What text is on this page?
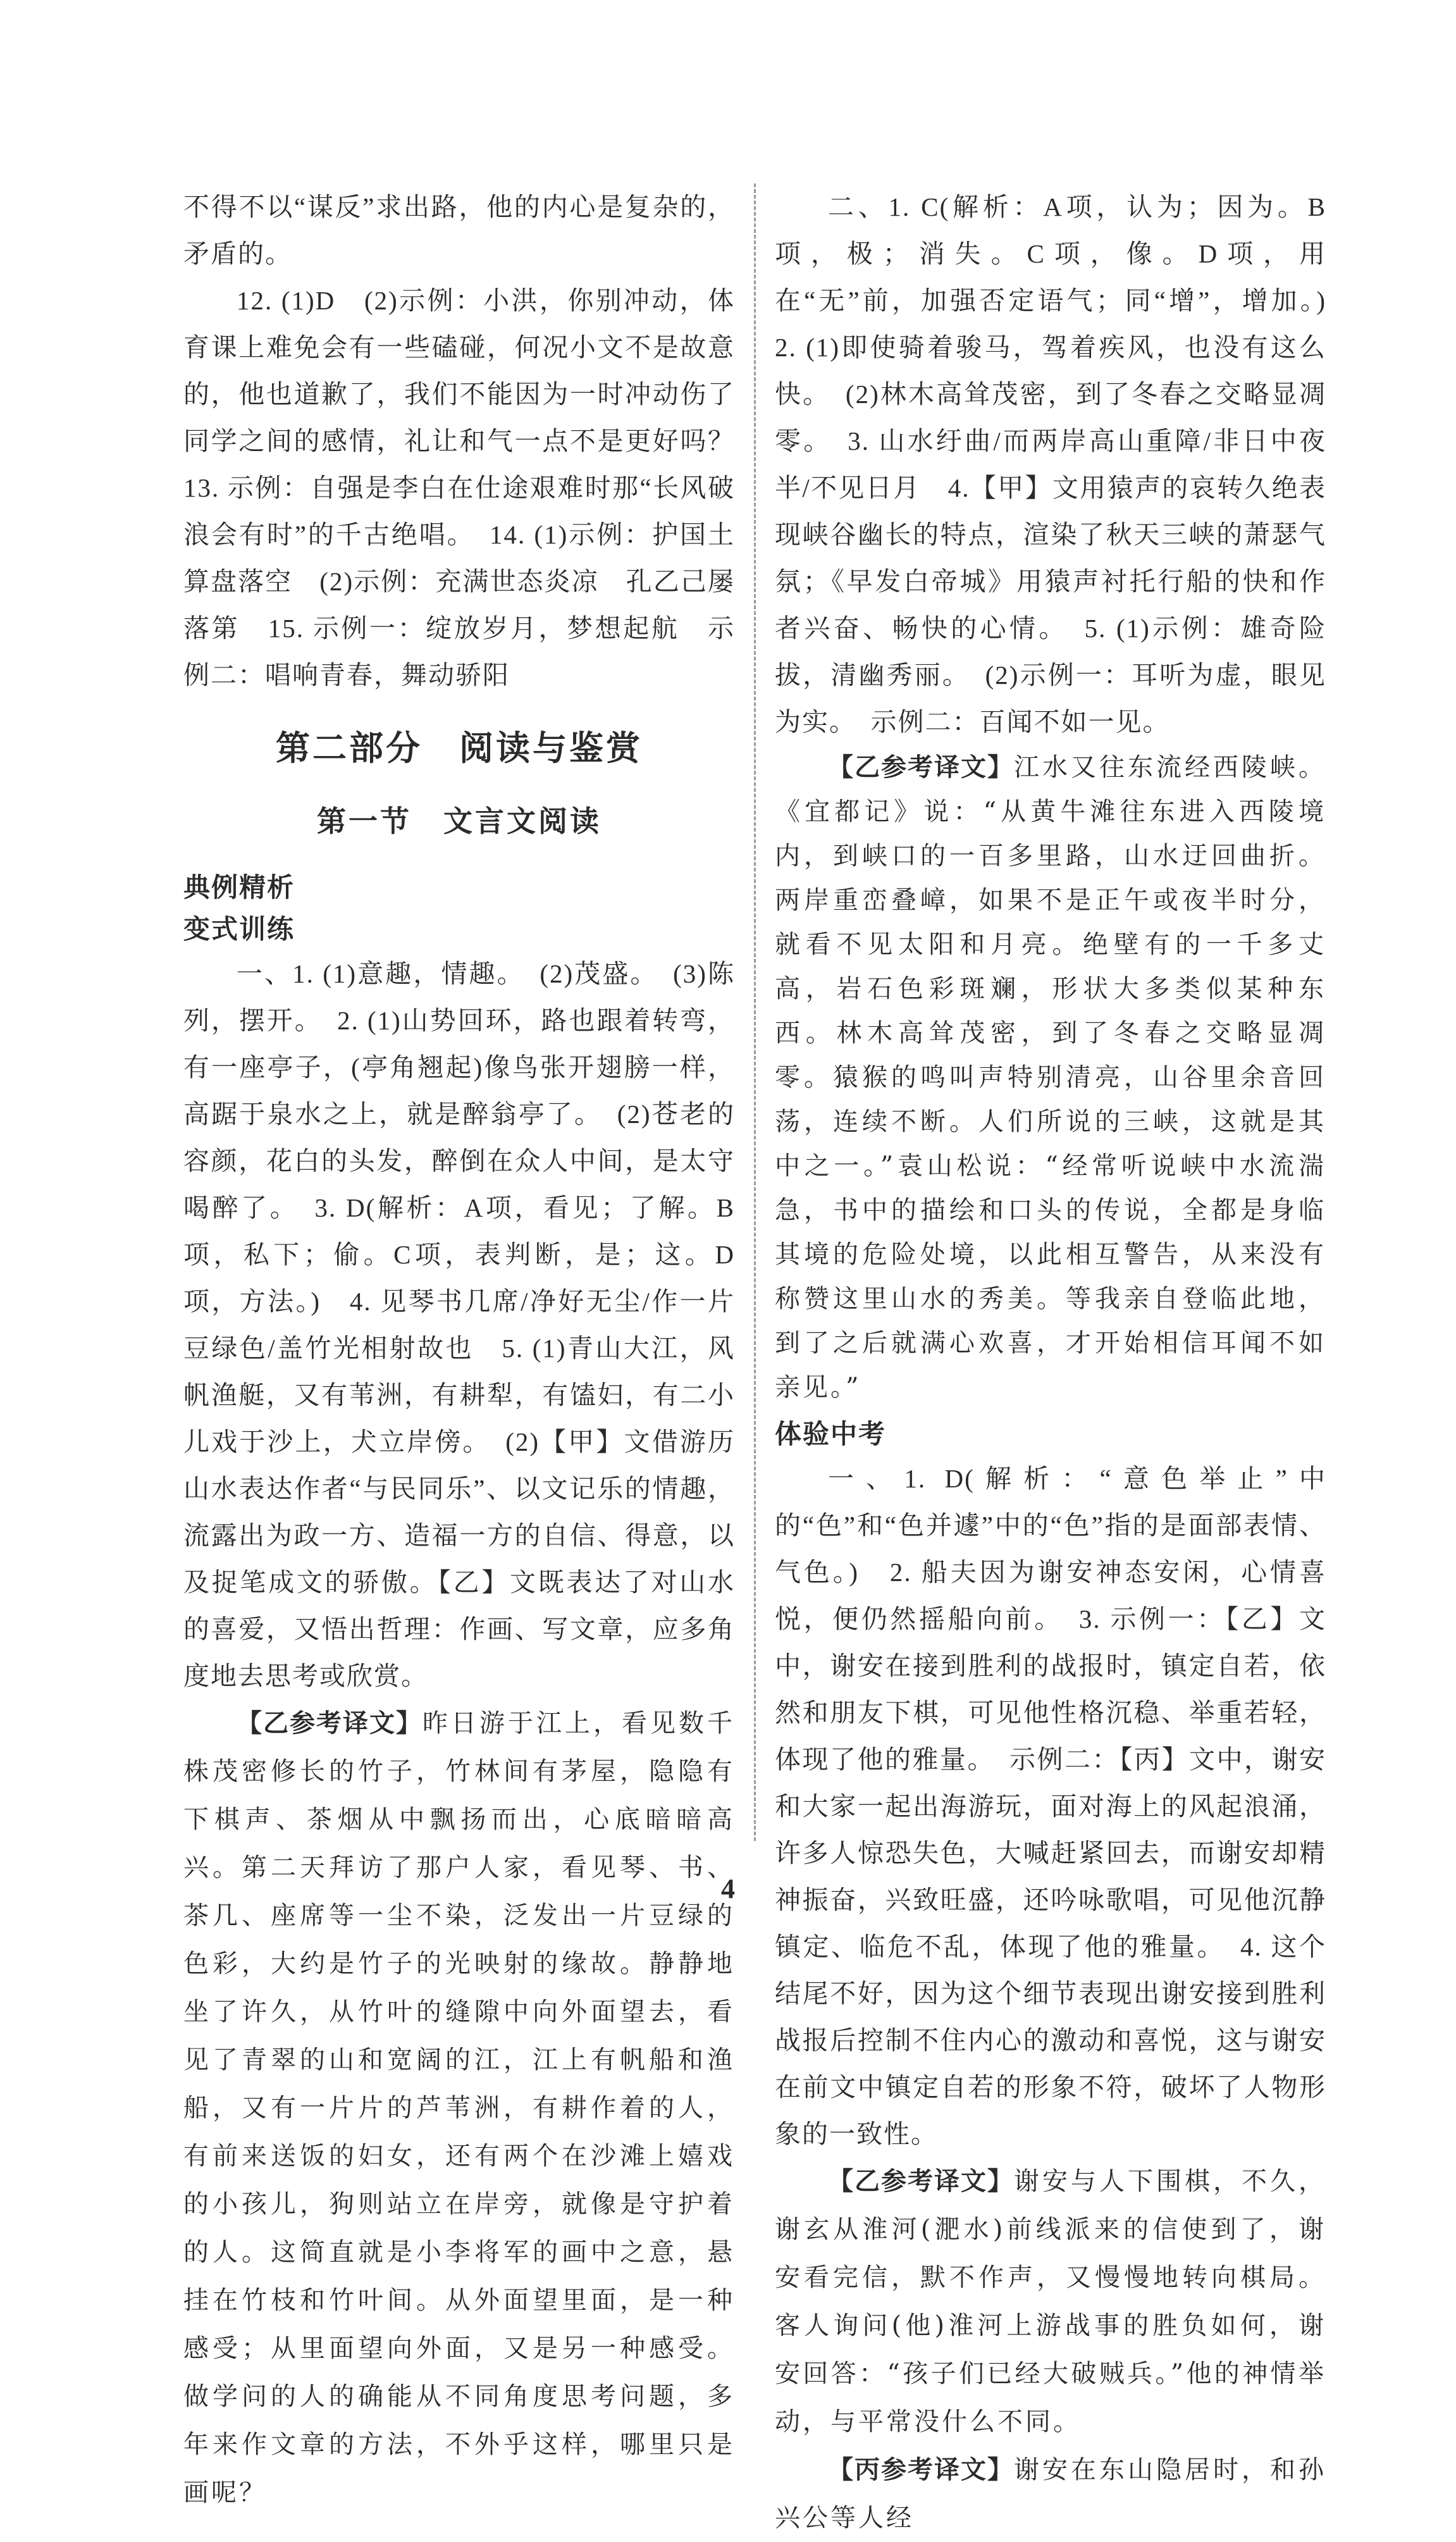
不得不以“谋反”求出路，他的内心是复杂的，矛盾的。

12. (1)D　(2)示例：小洪，你别冲动，体育课上难免会有一些磕碰，何况小文不是故意的，他也道歉了，我们不能因为一时冲动伤了同学之间的感情，礼让和气一点不是更好吗？　13. 示例：自强是李白在仕途艰难时那“长风破浪会有时”的千古绝唱。　14. (1)示例：护国土　算盘落空　(2)示例：充满世态炎凉　孔乙己屡落第　15. 示例一：绽放岁月，梦想起航　示例二：唱响青春，舞动骄阳

第二部分　阅读与鉴赏
第一节　文言文阅读
典例精析
变式训练

一、1. (1)意趣，情趣。　(2)茂盛。　(3)陈列，摆开。　2. (1)山势回环，路也跟着转弯，有一座亭子，(亭角翘起)像鸟张开翅膀一样，高踞于泉水之上，就是醉翁亭了。　(2)苍老的容颜，花白的头发，醉倒在众人中间，是太守喝醉了。　3. D(解析：A项，看见；了解。B项，私下；偷。C项，表判断，是；这。D项，方法。)　4. 见琴书几席/净好无尘/作一片豆绿色/盖竹光相射故也　5. (1)青山大江，风帆渔艇，又有苇洲，有耕犁，有馌妇，有二小儿戏于沙上，犬立岸傍。　(2)【甲】文借游历山水表达作者“与民同乐”、以文记乐的情趣，流露出为政一方、造福一方的自信、得意，以及捉笔成文的骄傲。【乙】文既表达了对山水的喜爱，又悟出哲理：作画、写文章，应多角度地去思考或欣赏。

【乙参考译文】昨日游于江上，看见数千株茂密修长的竹子，竹林间有茅屋，隐隐有下棋声、茶烟从中飘扬而出，心底暗暗高兴。第二天拜访了那户人家，看见琴、书、茶几、座席等一尘不染，泛发出一片豆绿的色彩，大约是竹子的光映射的缘故。静静地坐了许久，从竹叶的缝隙中向外面望去，看见了青翠的山和宽阔的江，江上有帆船和渔船，又有一片片的芦苇洲，有耕作着的人，有前来送饭的妇女，还有两个在沙滩上嬉戏的小孩儿，狗则站立在岸旁，就像是守护着的人。这简直就是小李将军的画中之意，悬挂在竹枝和竹叶间。从外面望里面，是一种感受；从里面望向外面，又是另一种感受。做学问的人的确能从不同角度思考问题，多年来作文章的方法，不外乎这样，哪里只是画呢？

二、1. C(解析：A项，认为；因为。B项，极；消失。C项，像。D项，用在“无”前，加强否定语气；同“增”，增加。)　2. (1)即使骑着骏马，驾着疾风，也没有这么快。　(2)林木高耸茂密，到了冬春之交略显凋零。　3. 山水纡曲/而两岸高山重障/非日中夜半/不见日月　4.【甲】文用猿声的哀转久绝表现峡谷幽长的特点，渲染了秋天三峡的萧瑟气氛；《早发白帝城》用猿声衬托行船的快和作者兴奋、畅快的心情。　5. (1)示例：雄奇险拔，清幽秀丽。　(2)示例一：耳听为虚，眼见为实。　示例二：百闻不如一见。

【乙参考译文】江水又往东流经西陵峡。《宜都记》说：“从黄牛滩往东进入西陵境内，到峡口的一百多里路，山水迂回曲折。两岸重峦叠嶂，如果不是正午或夜半时分，就看不见太阳和月亮。绝壁有的一千多丈高，岩石色彩斑斓，形状大多类似某种东西。林木高耸茂密，到了冬春之交略显凋零。猿猴的鸣叫声特别清亮，山谷里余音回荡，连续不断。人们所说的三峡，这就是其中之一。”袁山松说：“经常听说峡中水流湍急，书中的描绘和口头的传说，全都是身临其境的危险处境，以此相互警告，从来没有称赞这里山水的秀美。等我亲自登临此地，到了之后就满心欢喜，才开始相信耳闻不如亲见。”

体验中考

一、1. D(解析：“意色举止”中的“色”和“色并遽”中的“色”指的是面部表情、气色。)　2. 船夫因为谢安神态安闲，心情喜悦，便仍然摇船向前。　3. 示例一：【乙】文中，谢安在接到胜利的战报时，镇定自若，依然和朋友下棋，可见他性格沉稳、举重若轻，体现了他的雅量。　示例二：【丙】文中，谢安和大家一起出海游玩，面对海上的风起浪涌，许多人惊恐失色，大喊赶紧回去，而谢安却精神振奋，兴致旺盛，还吟咏歌唱，可见他沉静镇定、临危不乱，体现了他的雅量。　4. 这个结尾不好，因为这个细节表现出谢安接到胜利战报后控制不住内心的激动和喜悦，这与谢安在前文中镇定自若的形象不符，破坏了人物形象的一致性。

【乙参考译文】谢安与人下围棋，不久，谢玄从淮河(淝水)前线派来的信使到了，谢安看完信，默不作声，又慢慢地转向棋局。客人询问(他)淮河上游战事的胜负如何，谢安回答：“孩子们已经大破贼兵。”他的神情举动，与平常没什么不同。

【丙参考译文】谢安在东山隐居时，和孙兴公等人经

4
